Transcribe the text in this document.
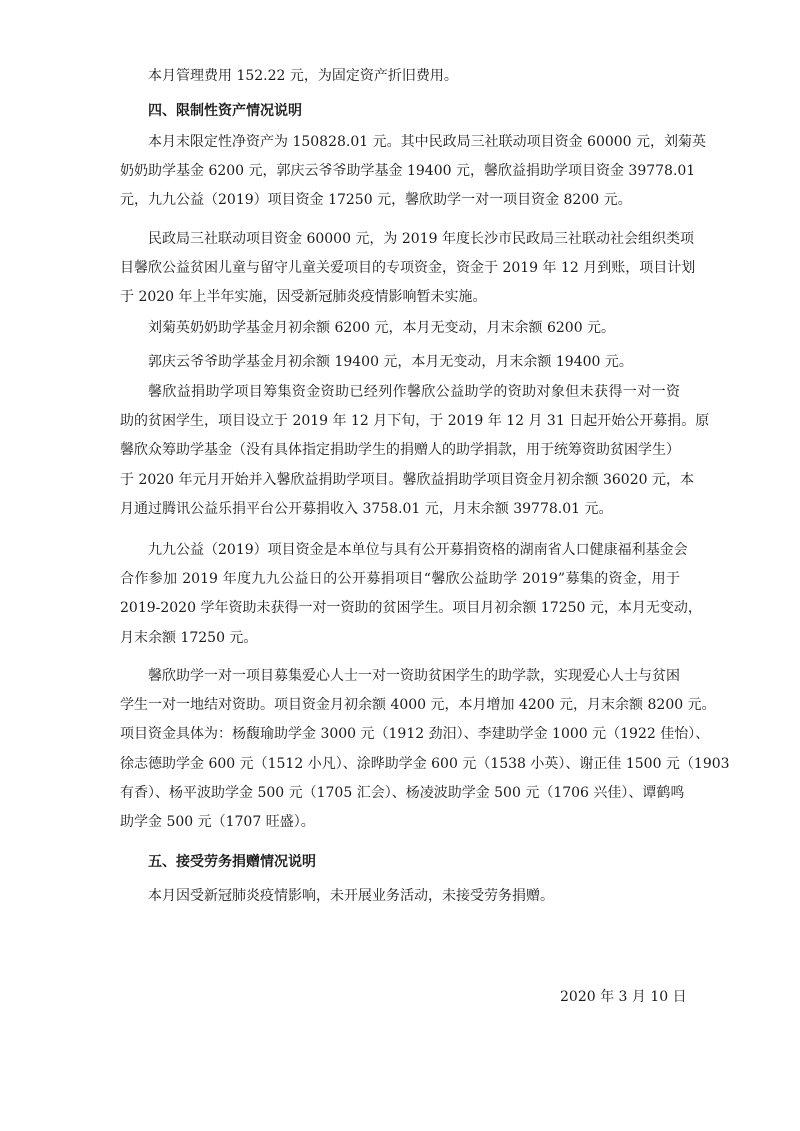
本月管理费用 152.22 元，为固定资产折旧费用。
四、限制性资产情况说明
本月末限定性净资产为 150828.01 元。其中民政局三社联动项目资金 60000 元，刘菊英
奶奶助学基金 6200 元，郭庆云爷爷助学基金 19400 元，馨欣益捐助学项目资金 39778.01
元，九九公益（2019）项目资金 17250 元，馨欣助学一对一项目资金 8200 元。
民政局三社联动项目资金 60000 元，为 2019 年度长沙市民政局三社联动社会组织类项
目馨欣公益贫困儿童与留守儿童关爱项目的专项资金，资金于 2019 年 12 月到账，项目计划
于 2020 年上半年实施，因受新冠肺炎疫情影响暂未实施。
刘菊英奶奶助学基金月初余额 6200 元，本月无变动，月末余额 6200 元。
郭庆云爷爷助学基金月初余额 19400 元，本月无变动，月末余额 19400 元。
馨欣益捐助学项目筹集资金资助已经列作馨欣公益助学的资助对象但未获得一对一资
助的贫困学生，项目设立于 2019 年 12 月下旬，于 2019 年 12 月 31 日起开始公开募捐。原
馨欣众筹助学基金（没有具体指定捐助学生的捐赠人的助学捐款，用于统筹资助贫困学生）
于 2020 年元月开始并入馨欣益捐助学项目。馨欣益捐助学项目资金月初余额 36020 元，本
月通过腾讯公益乐捐平台公开募捐收入 3758.01 元，月末余额 39778.01 元。
九九公益（2019）项目资金是本单位与具有公开募捐资格的湖南省人口健康福利基金会
合作参加 2019 年度九九公益日的公开募捐项目“馨欣公益助学 2019”募集的资金，用于
2019-2020 学年资助未获得一对一资助的贫困学生。项目月初余额 17250 元，本月无变动，
月末余额 17250 元。
馨欣助学一对一项目募集爱心人士一对一资助贫困学生的助学款，实现爱心人士与贫困
学生一对一地结对资助。项目资金月初余额 4000 元，本月增加 4200 元，月末余额 8200 元。
项目资金具体为：杨馥瑜助学金 3000 元（1912 劲汨）、李建助学金 1000 元（1922 佳怡）、
徐志德助学金 600 元（1512 小凡）、涂晔助学金 600 元（1538 小英）、谢正佳 1500 元（1903
有香）、杨平波助学金 500 元（1705 汇会）、杨凌波助学金 500 元（1706 兴佳）、谭鹤鸣
助学金 500 元（1707 旺盛）。
五、接受劳务捐赠情况说明
本月因受新冠肺炎疫情影响，未开展业务活动，未接受劳务捐赠。
2020 年 3 月 10 日
